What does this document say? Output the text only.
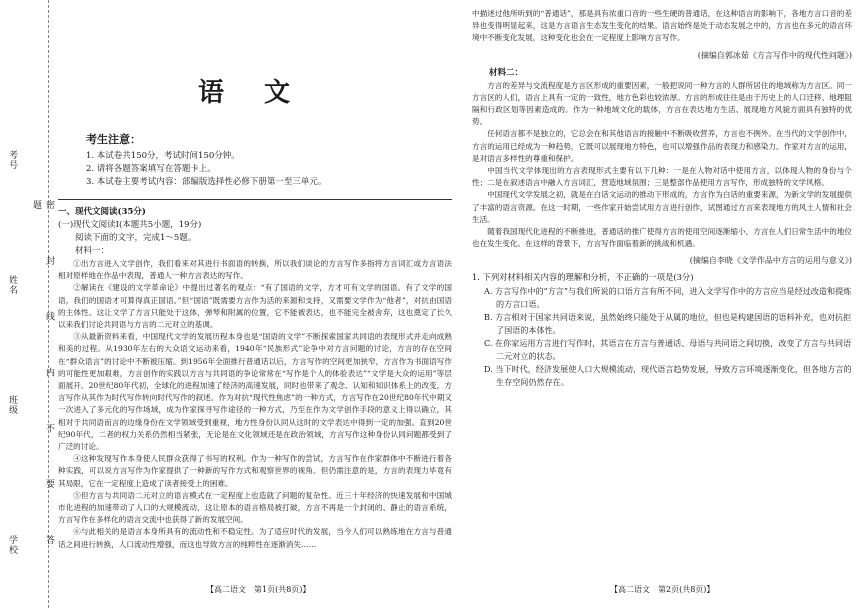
考号
姓名
班级
学校	密 封 线 内 不 要 答 题
语文
考生注意：
1. 本试卷共150分，考试时间150分钟。
2. 请将各题答案填写在答题卡上。
3. 本试卷主要考试内容：部编版选择性必修下册第一至三单元。
一、现代文阅读(35分)
(一)现代文阅读Ⅰ(本题共5小题，19分)
阅读下面的文字，完成1～5题。
材料一：

①出方言进入文学创作，我们看来对其进行书面语的转换，所以我们谈论的方言写作多指将方言词汇或方言语法相对原样地在作品中表现，普通人一种方言表达的写作。

②解读在《建设的文学革命论》中提出过著名的观点：“有了国语的文学，方才可有文学的国语。有了文学的国语，我们的国语才可算得真正国语。”但“国语”既需要方言作为活的来源和支持，又需要文学作为“他者”，对抗由国语的主体性。这让文学了方言只能处于这体，弹琴和附属的位置，它不能被表达，也不能完全被舍弃，这也奠定了长久以来我们讨论共同语与方言的二元对立的基调。

③从最新资料来看，中国现代文学的发展历程本身也是“国语的文学”不断探索国家共同语的表现形式并走向成熟和美的过程。从1930年左右的大众语文运动来看，1940年“民族形式”论争中对方言问题的讨论，方言的存在空间在“群众语言”的讨论中不断被压缩。到1956年全面推行普通话以后，方言写作的空间更加狭窄，方言作为书面语写作的可能性更加艰难，方言创作的实践以方言与共同语的争论常常在“写作是个人的体验表达”“文学是大众的运用”等层面展开。20世纪80年代初，全球化的进程加速了经济的高速发展，同时也带来了观念、认知和知识体系上的改变，方言写作从其作为时代写作转向时代写作的叙述。作为对抗“现代性焦虑”的一种方式，方言写作在20世纪80年代中期又一次进入了多元化的写作场域，成为作家探寻写作途径的一种方式，乃至在作为文学创作手段的意义上得以确立，其相对于共同语而言的边缘身份在文学领域受到重视，地方性身份认同从这时的文学表达中得到一定的加强。直到20世纪90年代，二者的权力关系仍然相当紧张，无论是在文化领域还是在政治领域，方言写作这种身份认同问题都受到了广泛的讨论。

④这种发现写作本身使人民群众获得了书写的权利。作为一种写作的尝试，方言写作在作家群体中不断进行着各种实践，可以说方言写作为作家提供了一种新的写作方式和观察世界的视角。但仍需注意的是，方言的表现力毕竟有其局限，它在一定程度上造成了读者接受上的困难。

⑤但方言与共同语二元对立的语言模式在一定程度上也造就了问题的复杂性。近三十年经济的快速发展和中国城市化进程的加速带动了人口的大规模流动，这让原本的语言格局被打破，方言不再是一个封闭的、静止的语言系统，方言写作在多样化的语言交流中也获得了新的发展空间。

⑥与此相关的是语言本身所具有的流动性和不稳定性。为了适应时代的发展，当今人们可以熟练地在方言与普通话之间进行转换，人口流动性增强，而这也导致方言的纯粹性在逐渐消失……

中描述过他所听到的“普通话”，那是具有浓重口音的一些生硬的普通话，在这种语言的影响下，各地方言口音的差异也变得明显起来，这是方言语言生态发生变化的结果。语言始终是处于动态发展之中的，方言也在多元的语言环境中不断变化发展，这种变化也会在一定程度上影响方言写作。

(摘编自郭冰茹《方言写作中的现代性问题》)
材料二：

方言的差异与交流程度是方言区形成的重要因素，一般把说同一种方言的人群所居住的地域称为方言区。同一方言区的人们，语言上具有一定的一致性，地方色彩也较浓厚。方言的形成往往是由于历史上的人口迁移、地理阻隔和行政区划等因素造成的。作为一种地域文化的载体，方言在表达地方生活、展现地方风貌方面具有独特的优势。

任何语言都不是独立的，它总会在和其他语言的接触中不断吸收营养，方言也不例外。在当代的文学创作中，方言的运用已经成为一种趋势，它既可以展现地方特色，也可以增强作品的表现力和感染力。作家对方言的运用，是对语言多样性的尊重和保护。

中国当代文学体现出的方言表现形式主要有以下几种：一是在人物对话中使用方言，以体现人物的身份与个性；二是在叙述语言中融入方言词汇，营造地域氛围；三是整部作品使用方言写作，形成独特的文学风格。

中国现代文学发展之初，就是在白话文运动的推动下形成的，方言作为白话的重要来源，为新文学的发展提供了丰富的语言资源。在这一时期，一些作家开始尝试用方言进行创作，试图通过方言来表现地方的风土人情和社会生活。

随着我国现代化进程的不断推进，普通话的推广使得方言的使用空间逐渐缩小，方言在人们日常生活中的地位也在发生变化。在这样的背景下，方言写作面临着新的挑战和机遇。

(摘编自李晓《文学作品中方言的运用与意义》)
1. 下列对材料相关内容的理解和分析，不正确的一项是(3分)
A. 方言写作中的“方言”与我们所说的口语方言有所不同，进入文学写作中的方言应当是经过改造和提炼的方言口语。
B. 方言相对于国家共同语来说，虽然始终只能处于从属的地位，但也是构建国语的语料补充，也对抗拒了国语的本体性。
C. 在你家运用方言进行写作时，其语言在方言与普通话、母语与共同语之间切换，改变了方言与共同语二元对立的状态。
D. 当下时代，经济发展使人口大规模流动，现代语言趋势发展，导致方言环境逐渐变化，但各地方言的生存空间仍然存在。
【高二语文　第1页(共8页)】	【高二语文　第2页(共8页)】
